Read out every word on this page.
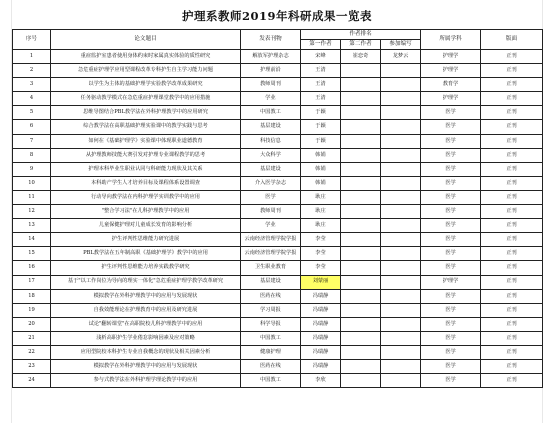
护理系教师2019年科研成果一览表
序号	论文题目	发表刊物	作者排名			所属学科	版面
			第一作者	第二作者	参加编写		
1	重症监护室患者使用身体约束时家属真实体验的质性研究	解放军护理杂志	宋峰	崔恋奇	龙梦云	护理学	正刊
2	急危重症护理学应用型课程改革专科护生自主学习能力问题	护理前沿	王清			护理学	正刊
3	以学生为主体的基础护理学实验教学改革成果研究	教师周刊	王清			教育学	正刊
4	任务驱动教学模式在急危重症护理课堂教学中的应用措施	学业	王清			护理学	正刊
5	思维导图结合PBL教学法在外科护理教学中的应用研究	中国教工	于颖			医学	正刊
6	综合教学法在高职基础护理实验课中的教学实践与思考	基层建设	于颖			医学	正刊
7	如何在《基础护理学》实验课中体现职业道德教育	科技信息	于颖			医学	正刊
8	从护理教师技能大赛引发对护理专业课程教学的思考	大众科学	韩娟			医学	正刊
9	护理本科毕业生职业认同与科研能力现状及其关系	基层建设	韩娟			医学	正刊
10	本科助产学生人才培养目标及课程体系设置调查	介入医学杂志	韩娟			医学	正刊
11	行动导向教学法在内科护理学实训教学中的应用	医学	耿庄			医学	正刊
12	"整合学习法"在儿科护理教学中的应用	教师周刊	耿庄			医学	正刊
13	儿童保健护理对儿童成长发育的影响分析	学业	耿庄			医学	正刊
14	护生评判性思维能力研究进展	云南经济管理学院学报	李莹			医学	正刊
15	PBL教学法在五年制高职《基础护理学》教学中的应用	云南经济管理学院学报	李莹			医学	正刊
16	护生评判性思维能力培养实践教学研究	卫生职业教育	李莹			医学	正刊
17	基于"以工作岗位为导向的理实一体化"急危重症护理学教学改革研究	基层建设	刘蒙丽			护理学	正刊
18	模拟教学在外科护理教学中的应用与发展现状	医药在线	冯瑞静			医学	正刊
19	自我效能理论在护理教育中的应用及研究进展	学习周报	冯瑞静			医学	正刊
20	试论"翻转课堂"在高职院校儿科护理教学中的应用	科学导报	冯瑞静			医学	正刊
21	浅析高职护生学业倦怠影响因素及应对策略	中国教工	冯瑞静			医学	正刊
22	应用型院校本科护生专业自我概念的现状及相关因素分析	健康护理	冯瑞静			医学	正刊
23	模拟教学在外科护理教学中的应用与发展现状	医药在线	冯瑞静			医学	正刊
24	参与式教学法在外科护理学理论教学中的应用	中国教工	李欣			医学	正刊
